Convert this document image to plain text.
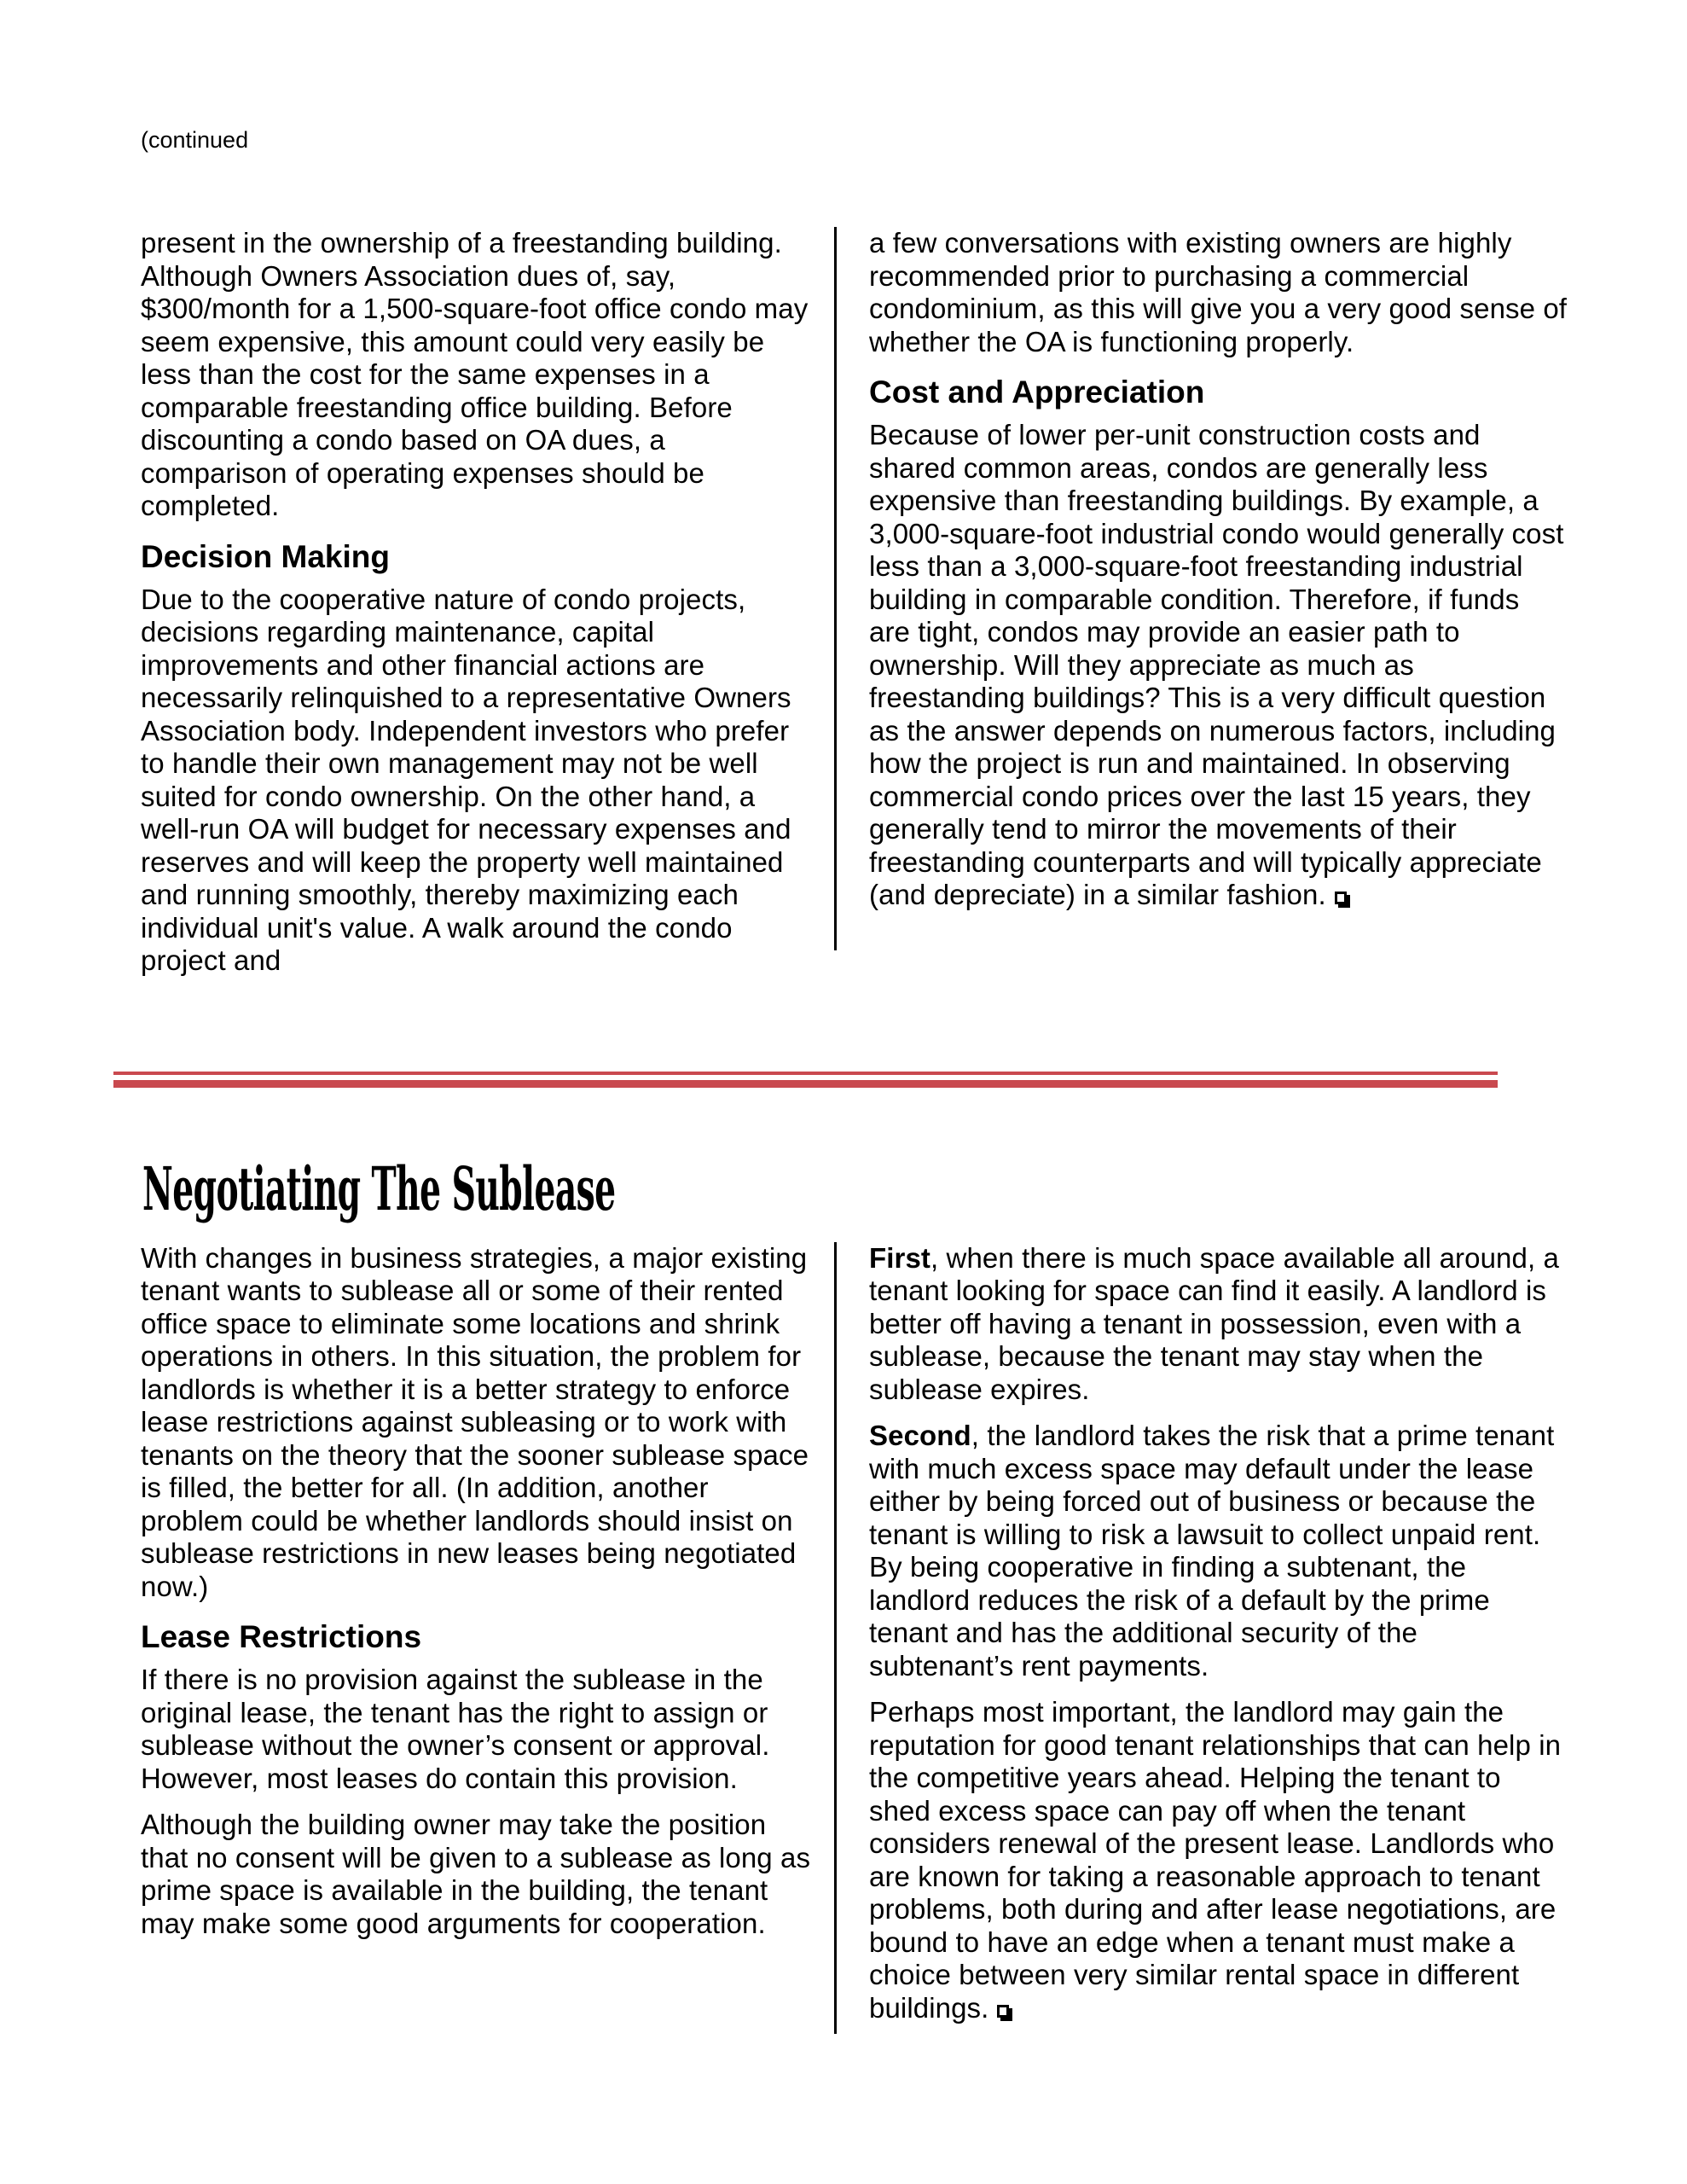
(continued

present in the ownership of a freestanding building. Although Owners Association dues of, say, $300/month for a 1,500-square-foot office condo may seem expensive, this amount could very easily be less than the cost for the same expenses in a comparable freestanding office building. Before discounting a condo based on OA dues, a comparison of operating expenses should be completed.

Decision Making

Due to the cooperative nature of condo projects, decisions regarding maintenance, capital improvements and other financial actions are necessarily relinquished to a representative Owners Association body. Independent investors who prefer to handle their own management may not be well suited for condo ownership. On the other hand, a well-run OA will budget for necessary expenses and reserves and will keep the property well maintained and running smoothly, thereby maximizing each individual unit's value. A walk around the condo project and

a few conversations with existing owners are highly recommended prior to purchasing a commercial condominium, as this will give you a very good sense of whether the OA is functioning properly.

Cost and Appreciation

Because of lower per-unit construction costs and shared common areas, condos are generally less expensive than freestanding buildings. By example, a 3,000-square-foot industrial condo would generally cost less than a 3,000-square-foot freestanding industrial building in comparable condition. Therefore, if funds are tight, condos may provide an easier path to ownership. Will they appreciate as much as freestanding buildings? This is a very difficult question as the answer depends on numerous factors, including how the project is run and maintained. In observing commercial condo prices over the last 15 years, they generally tend to mirror the movements of their freestanding counterparts and will typically appreciate (and depreciate) in a similar fashion.

Negotiating The Sublease

With changes in business strategies, a major existing tenant wants to sublease all or some of their rented office space to eliminate some locations and shrink operations in others. In this situation, the problem for landlords is whether it is a better strategy to enforce lease restrictions against subleasing or to work with tenants on the theory that the sooner sublease space is filled, the better for all. (In addition, another problem could be whether landlords should insist on sublease restrictions in new leases being negotiated now.)

Lease Restrictions

If there is no provision against the sublease in the original lease, the tenant has the right to assign or sublease without the owner’s consent or approval. However, most leases do contain this provision.

Although the building owner may take the position that no consent will be given to a sublease as long as prime space is available in the building, the tenant may make some good arguments for cooperation.

First, when there is much space available all around, a tenant looking for space can find it easily. A landlord is better off having a tenant in possession, even with a sublease, because the tenant may stay when the sublease expires.

Second, the landlord takes the risk that a prime tenant with much excess space may default under the lease either by being forced out of business or because the tenant is willing to risk a lawsuit to collect unpaid rent. By being cooperative in finding a subtenant, the landlord reduces the risk of a default by the prime tenant and has the additional security of the subtenant’s rent payments.

Perhaps most important, the landlord may gain the reputation for good tenant relationships that can help in the competitive years ahead. Helping the tenant to shed excess space can pay off when the tenant considers renewal of the present lease. Landlords who are known for taking a reasonable approach to tenant problems, both during and after lease negotiations, are bound to have an edge when a tenant must make a choice between very similar rental space in different buildings.
